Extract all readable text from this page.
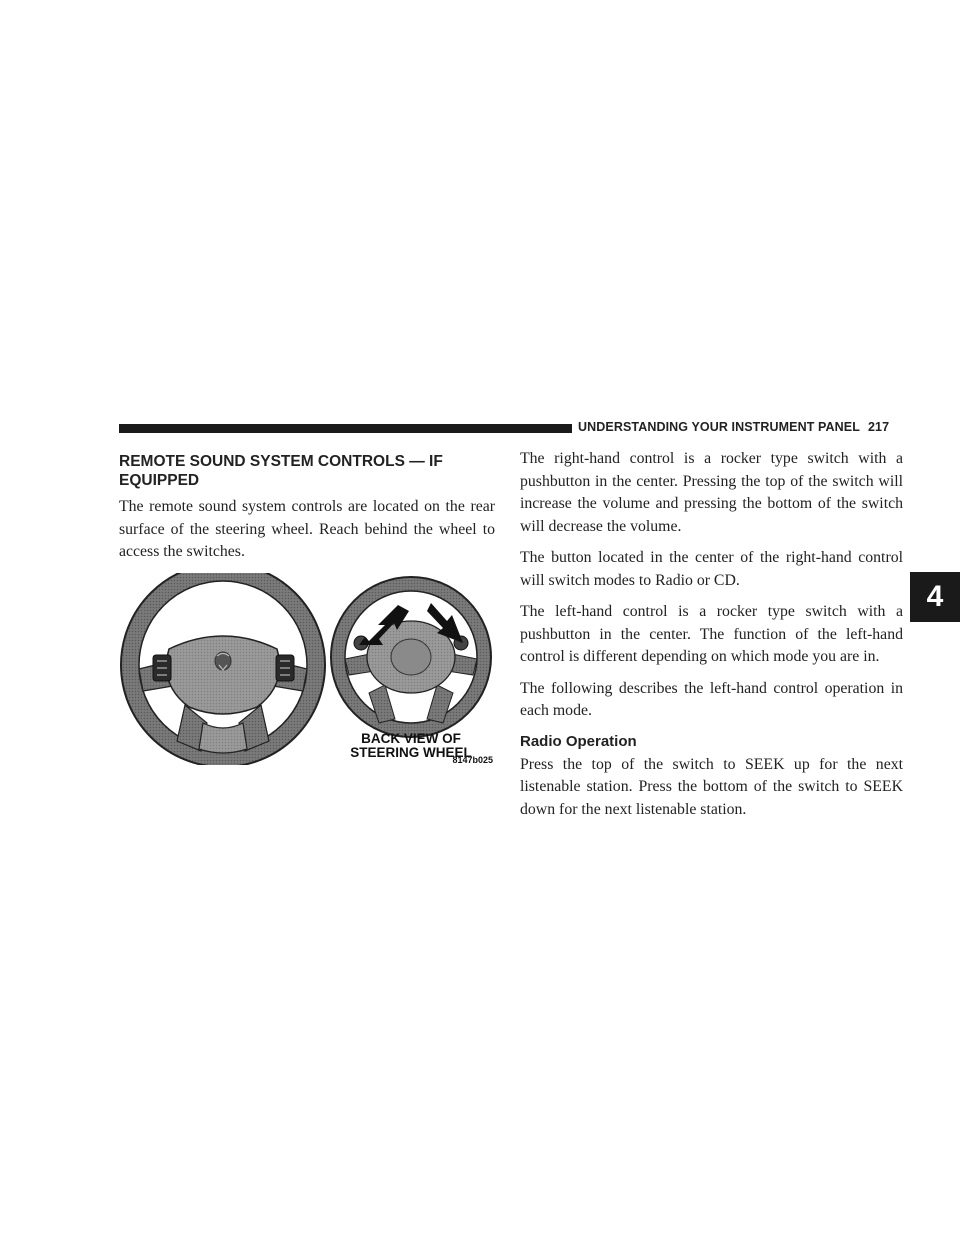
UNDERSTANDING YOUR INSTRUMENT PANEL 217
4
REMOTE SOUND SYSTEM CONTROLS — IF EQUIPPED

The remote sound system controls are located on the rear surface of the steering wheel. Reach behind the wheel to access the switches.

BACK VIEW OF
STEERING WHEEL
8147b025

The right-hand control is a rocker type switch with a pushbutton in the center. Pressing the top of the switch will increase the volume and pressing the bottom of the switch will decrease the volume.

The button located in the center of the right-hand control will switch modes to Radio or CD.

The left-hand control is a rocker type switch with a pushbutton in the center. The function of the left-hand control is different depending on which mode you are in.

The following describes the left-hand control operation in each mode.

Radio Operation

Press the top of the switch to SEEK up for the next listenable station. Press the bottom of the switch to SEEK down for the next listenable station.
